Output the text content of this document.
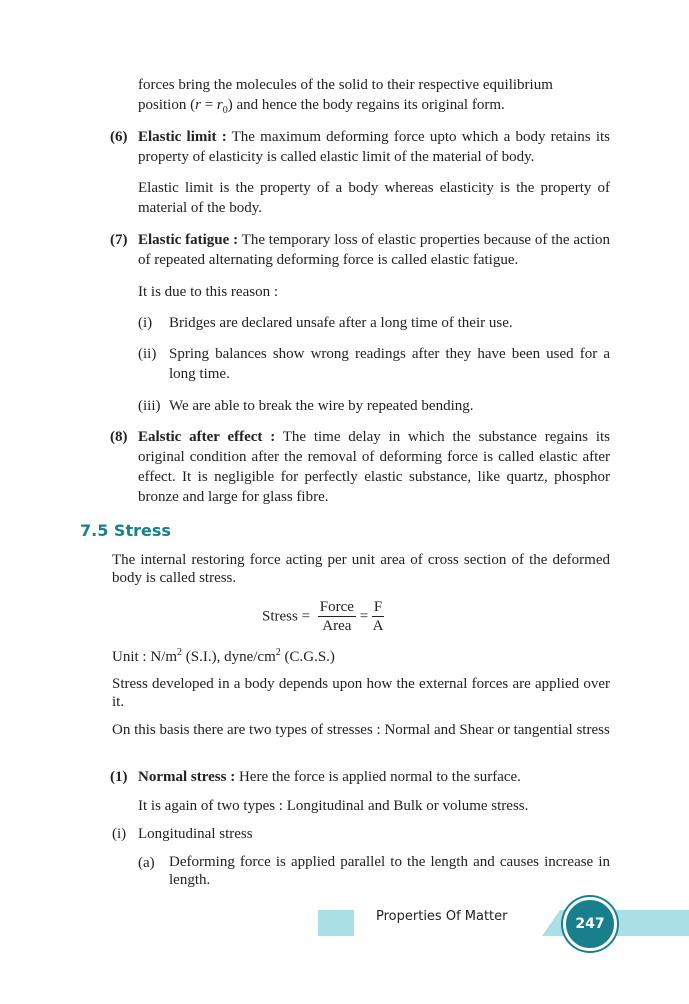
forces bring the molecules of the solid to their respective equilibrium
position $(r = r_0)$ and hence the body regains its original form.

(6) Elastic limit : The maximum deforming force upto which a body retains its property of elasticity is called elastic limit of the material of body.

Elastic limit is the property of a body whereas elasticity is the property of material of the body.

(7) Elastic fatigue : The temporary loss of elastic properties because of the action of repeated alternating deforming force is called elastic fatigue.

It is due to this reason :

(i) Bridges are declared unsafe after a long time of their use.

(ii) Spring balances show wrong readings after they have been used for a long time.

(iii) We are able to break the wire by repeated bending.

(8) Ealstic after effect : The time delay in which the substance regains its original condition after the removal of deforming force is called elastic after effect. It is negligible for perfectly elastic substance, like quartz, phosphor bronze and large for glass fibre.

7.5 Stress

The internal restoring force acting per unit area of cross section of the deformed body is called stress.

Stress = $\frac{\text{Force}}{\text{Area}} = \frac{F}{A}$

Unit : $N/m^2$ (S.I.), dyne/$cm^2$ (C.G.S.)

Stress developed in a body depends upon how the external forces are applied over it.

On this basis there are two types of stresses : Normal and Shear or tangential stress

(1) Normal stress : Here the force is applied normal to the surface.

It is again of two types : Longitudinal and Bulk or volume stress.

(i) Longitudinal stress

(a) Deforming force is applied parallel to the length and causes increase in length.

Properties Of Matter	247
